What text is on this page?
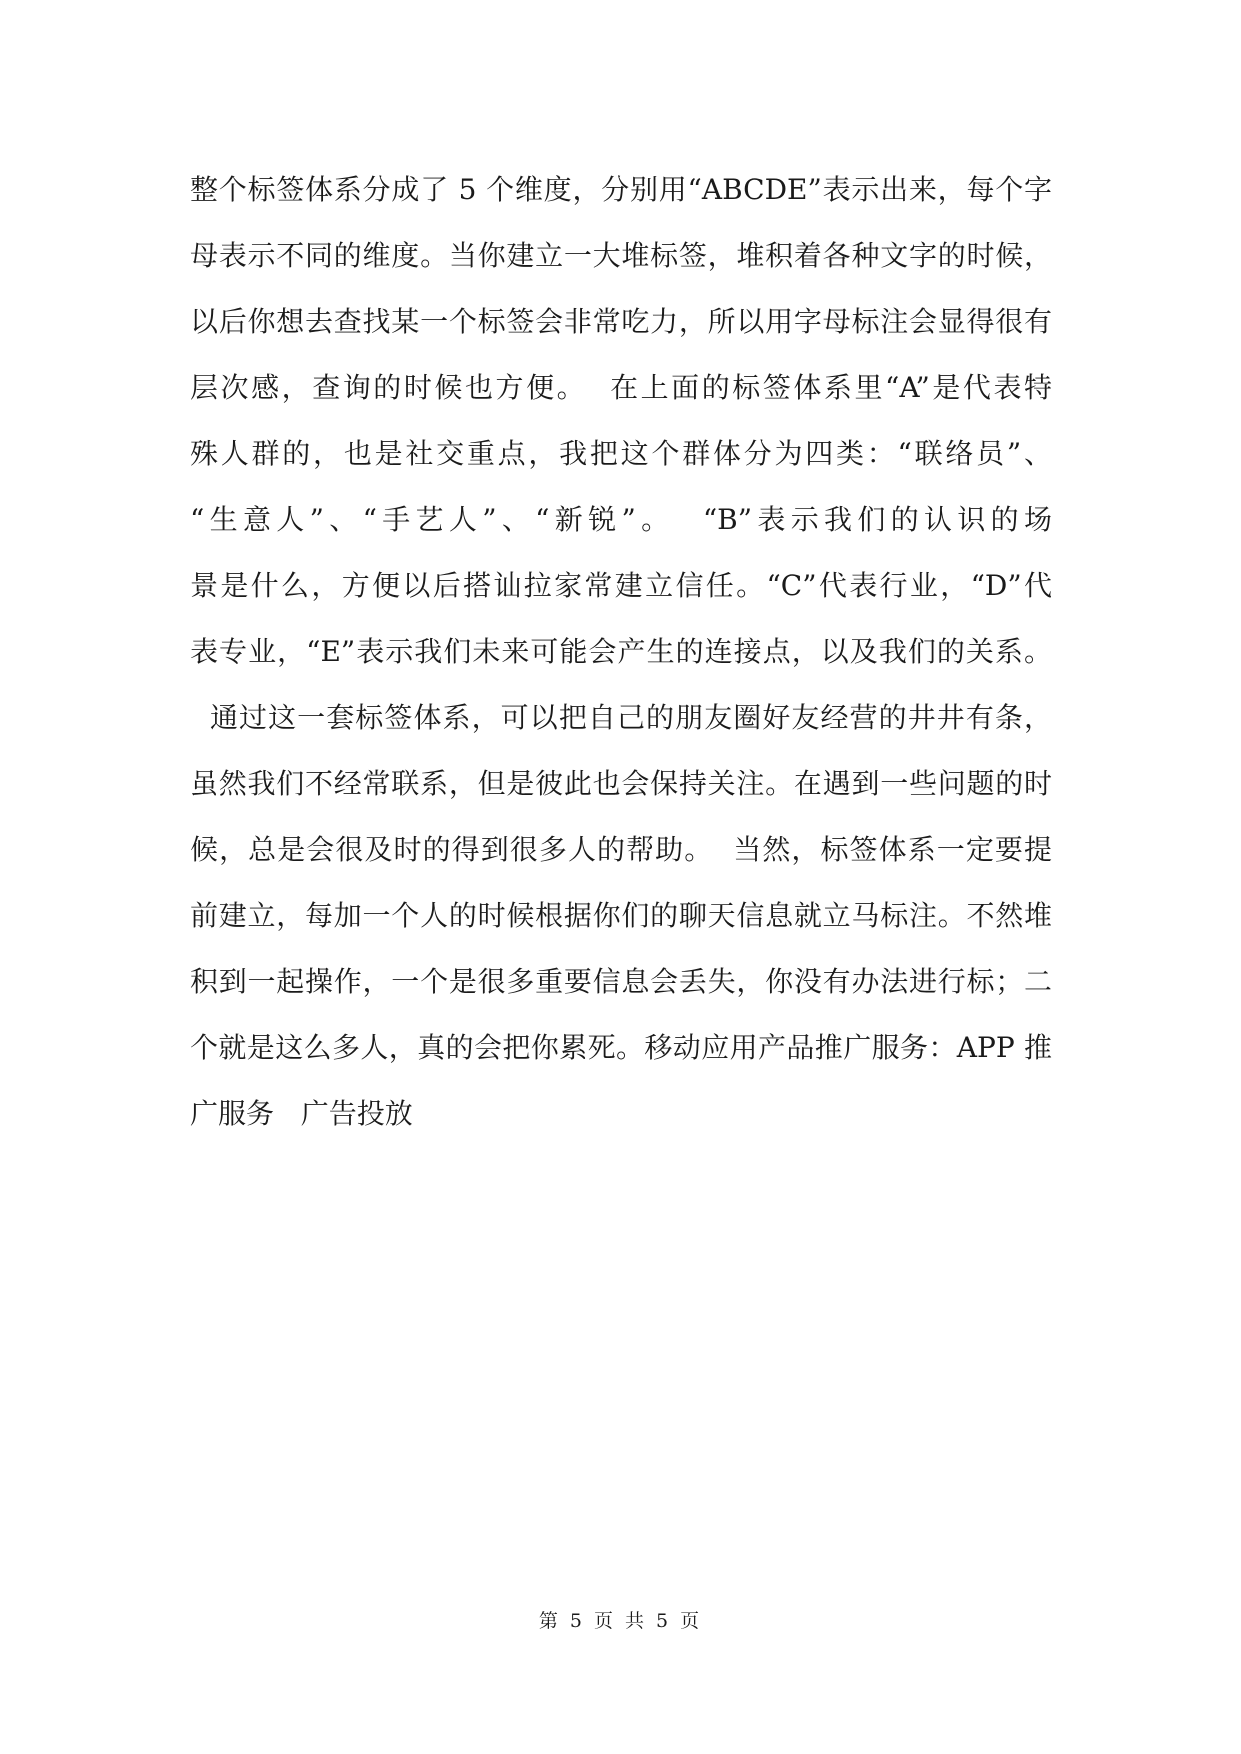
整个标签体系分成了 5 个维度，分别用“ABCDE”表示出来，每个字
母表示不同的维度。当你建立一大堆标签，堆积着各种文字的时候，
以后你想去查找某一个标签会非常吃力，所以用字母标注会显得很有
层次感，查询的时候也方便。  在上面的标签体系里“A”是代表特
殊人群的，也是社交重点，我把这个群体分为四类：“联络员”、
“生意人”、“手艺人”、“新锐”。  “B”表示我们的认识的场
景是什么，方便以后搭讪拉家常建立信任。“C”代表行业，“D”代
表专业，“E”表示我们未来可能会产生的连接点，以及我们的关系。
通过这一套标签体系，可以把自己的朋友圈好友经营的井井有条，
虽然我们不经常联系，但是彼此也会保持关注。在遇到一些问题的时
候，总是会很及时的得到很多人的帮助。  当然，标签体系一定要提
前建立，每加一个人的时候根据你们的聊天信息就立马标注。不然堆
积到一起操作，一个是很多重要信息会丢失，你没有办法进行标；二
个就是这么多人，真的会把你累死。移动应用产品推广服务：APP 推
广服务   广告投放
第 5 页 共 5 页
